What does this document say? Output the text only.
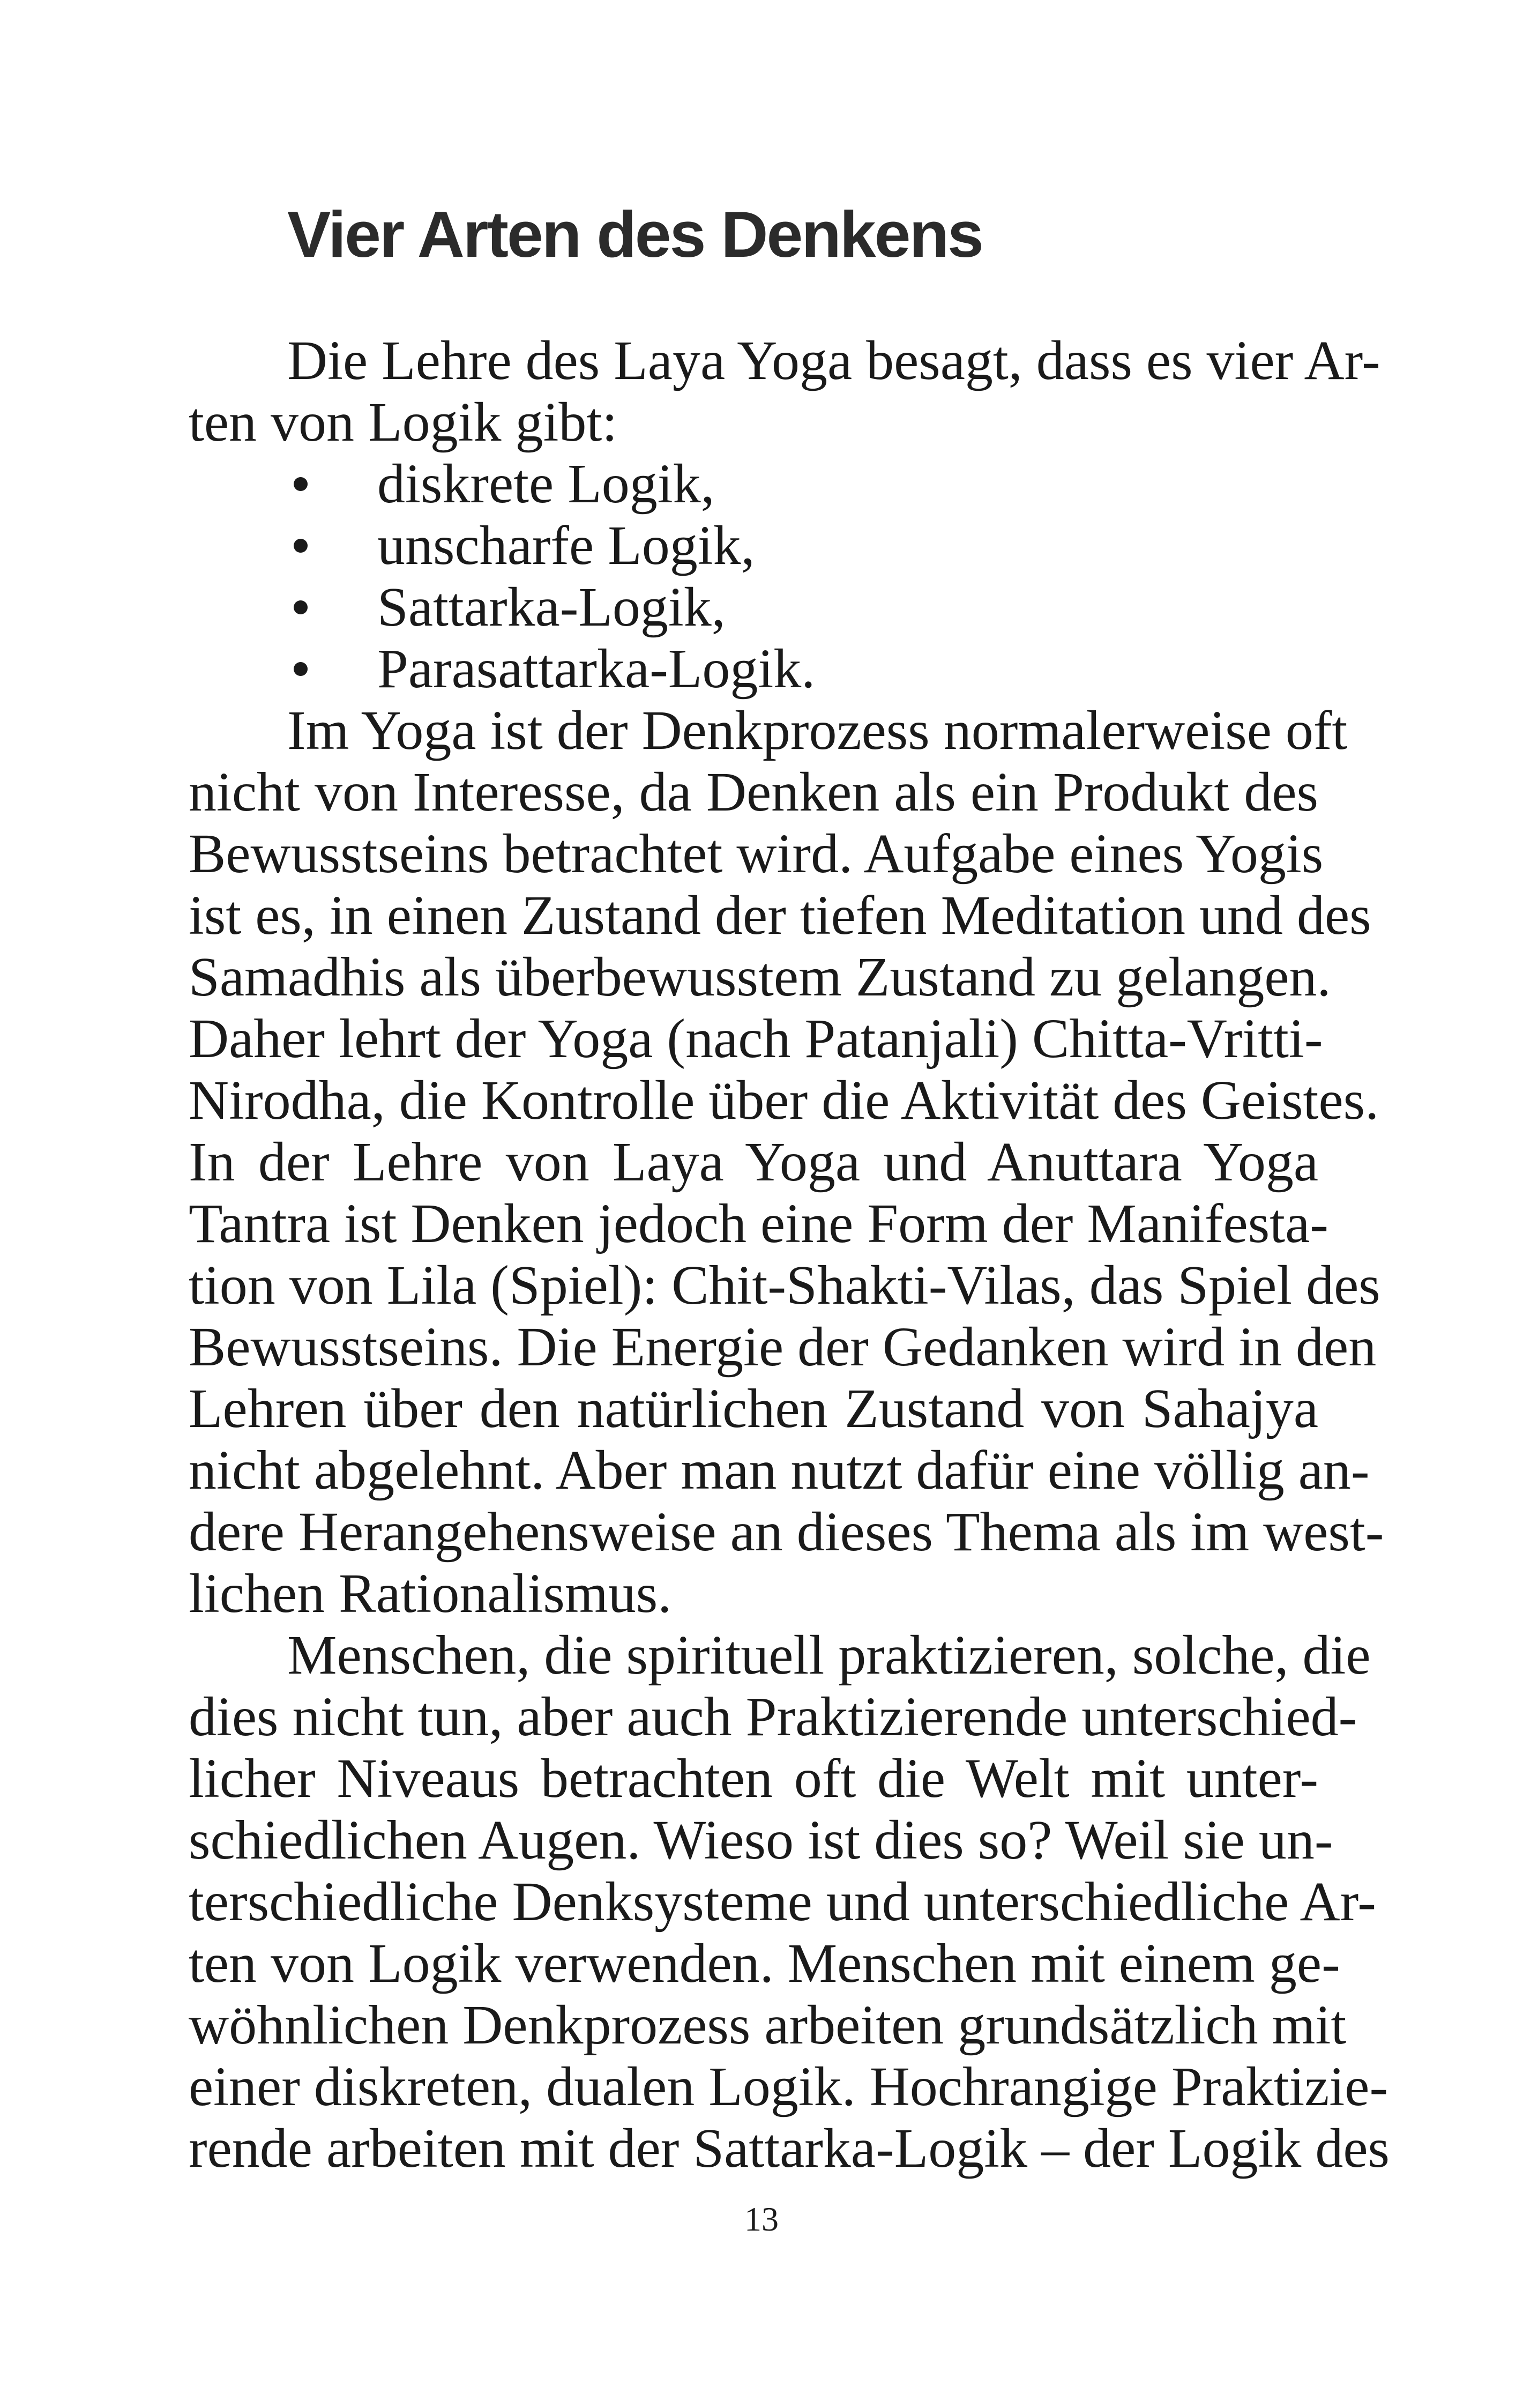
Vier Arten des Denkens
Die Lehre des Laya Yoga besagt, dass es vier Ar-
ten von Logik gibt:
diskrete Logik,
unscharfe Logik,
Sattarka-Logik,
Parasattarka-Logik.
Im Yoga ist der Denkprozess normalerweise oft
nicht von Interesse, da Denken als ein Produkt des
Bewusstseins betrachtet wird. Aufgabe eines Yogis
ist es, in einen Zustand der tiefen Meditation und des
Samadhis als überbewusstem Zustand zu gelangen.
Daher lehrt der Yoga (nach Patanjali) Chitta-Vritti-
Nirodha, die Kontrolle über die Aktivität des Geistes.
In der Lehre von Laya Yoga und Anuttara Yoga
Tantra ist Denken jedoch eine Form der Manifesta-
tion von Lila (Spiel): Chit-Shakti-Vilas, das Spiel des
Bewusstseins. Die Energie der Gedanken wird in den
Lehren über den natürlichen Zustand von Sahajya
nicht abgelehnt. Aber man nutzt dafür eine völlig an-
dere Herangehensweise an dieses Thema als im west-
lichen Rationalismus.
Menschen, die spirituell praktizieren, solche, die
dies nicht tun, aber auch Praktizierende unterschied-
licher Niveaus betrachten oft die Welt mit unter-
schiedlichen Augen. Wieso ist dies so? Weil sie un-
terschiedliche Denksysteme und unterschiedliche Ar-
ten von Logik verwenden. Menschen mit einem ge-
wöhnlichen Denkprozess arbeiten grundsätzlich mit
einer diskreten, dualen Logik. Hochrangige Praktizie-
rende arbeiten mit der Sattarka-Logik – der Logik des
13
